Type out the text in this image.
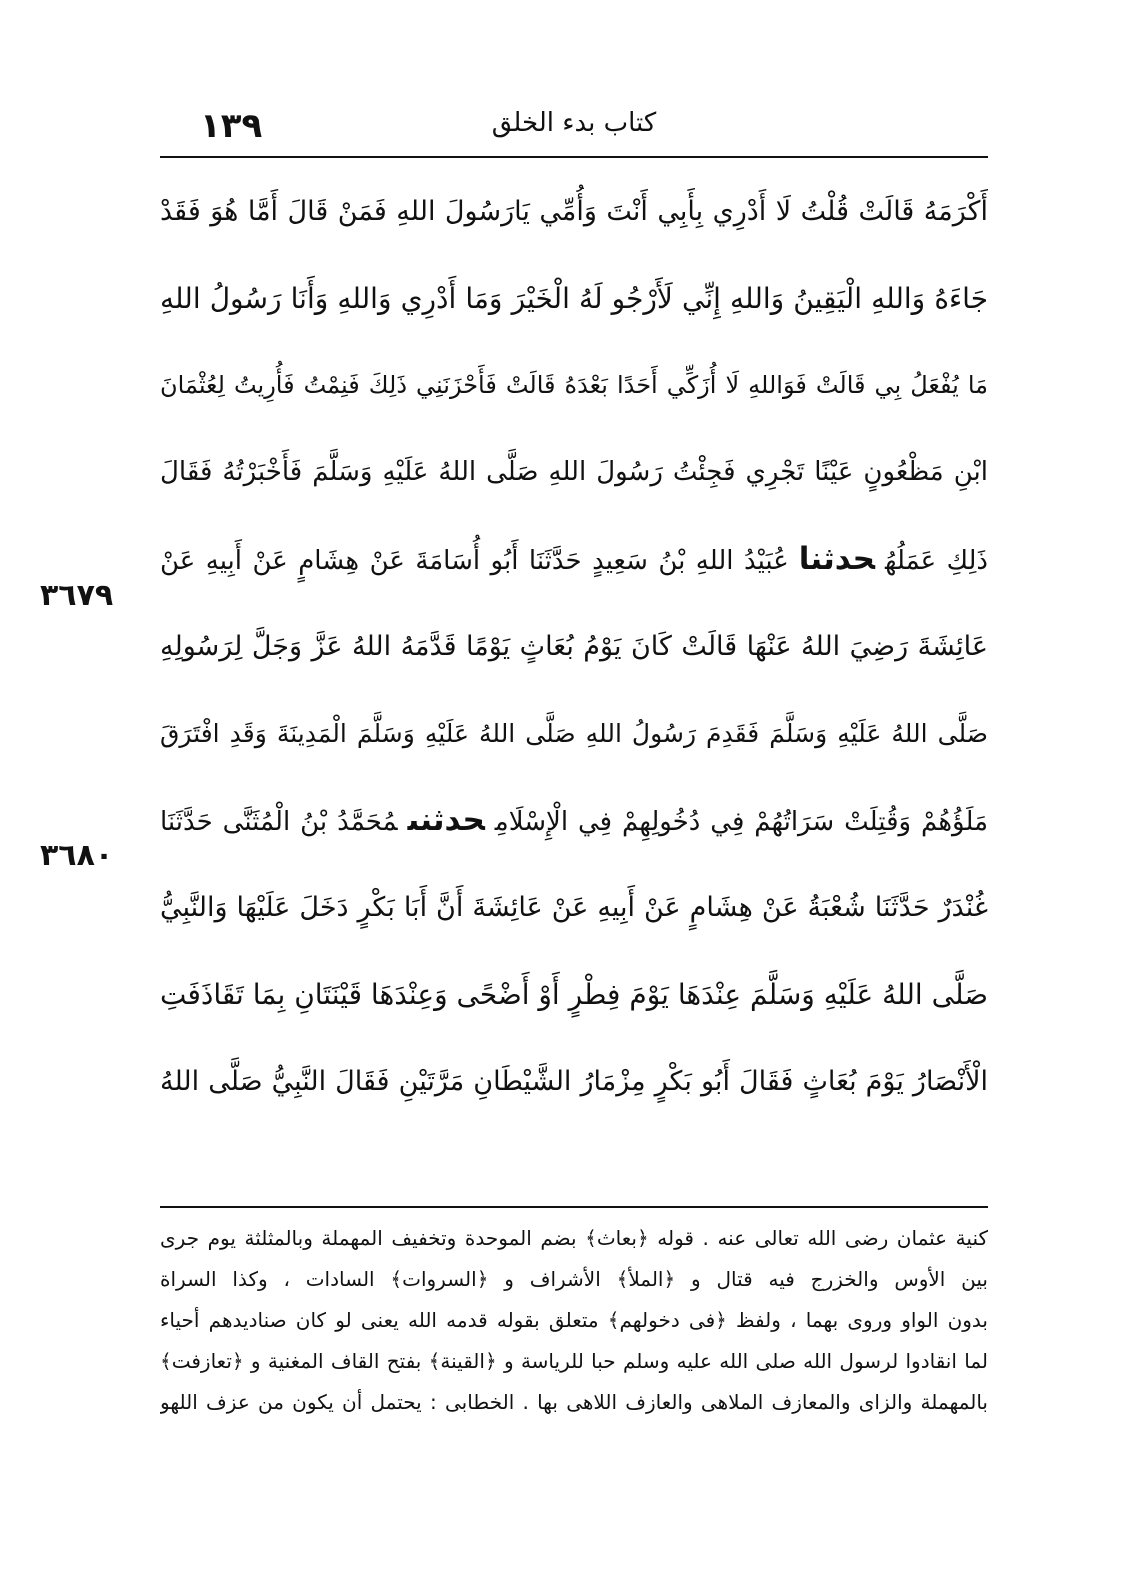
١٣٩	كتاب بدء الخلق
أَكْرَمَهُ قَالَتْ قُلْتُ لَا أَدْرِي بِأَبِي أَنْتَ وَأُمِّي يَارَسُولَ اللهِ فَمَنْ قَالَ أَمَّا هُوَ فَقَدْ
جَاءَهُ وَاللهِ الْيَقِينُ وَاللهِ إِنِّي لَأَرْجُو لَهُ الْخَيْرَ وَمَا أَدْرِي وَاللهِ وَأَنَا رَسُولُ اللهِ
مَا يُفْعَلُ بِي قَالَتْ فَوَاللهِ لَا أُزَكِّي أَحَدًا بَعْدَهُ قَالَتْ فَأَحْزَنَنِي ذَلِكَ فَنِمْتُ فَأُرِيتُ لِعُثْمَانَ
ابْنِ مَظْعُونٍ عَيْنًا تَجْرِي فَجِئْتُ رَسُولَ اللهِ صَلَّى اللهُ عَلَيْهِ وَسَلَّمَ فَأَخْبَرْتُهُ فَقَالَ
ذَلِكِ عَمَلُهُحدثناعُبَيْدُ اللهِ بْنُ سَعِيدٍ حَدَّثَنَا أَبُو أُسَامَةَ عَنْ هِشَامٍ عَنْ أَبِيهِ عَنْ
عَائِشَةَ رَضِيَ اللهُ عَنْهَا قَالَتْ كَانَ يَوْمُ بُعَاثٍ يَوْمًا قَدَّمَهُ اللهُ عَزَّ وَجَلَّ لِرَسُولِهِ
صَلَّى اللهُ عَلَيْهِ وَسَلَّمَ فَقَدِمَ رَسُولُ اللهِ صَلَّى اللهُ عَلَيْهِ وَسَلَّمَ الْمَدِينَةَ وَقَدِ افْتَرَقَ
مَلَؤُهُمْ وَقُتِلَتْ سَرَاتُهُمْ فِي دُخُولِهِمْ فِي الْإِسْلَامِحدثنىمُحَمَّدُ بْنُ الْمُثَنَّى حَدَّثَنَا
غُنْدَرٌ حَدَّثَنَا شُعْبَةُ عَنْ هِشَامٍ عَنْ أَبِيهِ عَنْ عَائِشَةَ أَنَّ أَبَا بَكْرٍ دَخَلَ عَلَيْهَا وَالنَّبِيُّ
صَلَّى اللهُ عَلَيْهِ وَسَلَّمَ عِنْدَهَا يَوْمَ فِطْرٍ أَوْ أَضْحًى وَعِنْدَهَا قَيْنَتَانِ بِمَا تَقَاذَفَتِ
الْأَنْصَارُ يَوْمَ بُعَاثٍ فَقَالَ أَبُو بَكْرٍ مِزْمَارُ الشَّيْطَانِ مَرَّتَيْنِ فَقَالَ النَّبِيُّ صَلَّى اللهُ
٣٦٧٩
٣٦٨٠
كنية عثمان رضى الله تعالى عنه . قوله ﴿بعاث﴾ بضم الموحدة وتخفيف المهملة وبالمثلثة يوم جرى
بين الأوس والخزرج فيه قتال و ﴿الملأ﴾ الأشراف و ﴿السروات﴾ السادات ، وكذا السراة
بدون الواو وروى بهما ، ولفظ ﴿فى دخولهم﴾ متعلق بقوله قدمه الله يعنى لو كان صناديدهم أحياء
لما انقادوا لرسول الله صلى الله عليه وسلم حبا للرياسة و ﴿القينة﴾ بفتح القاف المغنية و ﴿تعازفت﴾
بالمهملة والزاى والمعازف الملاهى والعازف اللاهى بها . الخطابى : يحتمل أن يكون من عزف اللهو
